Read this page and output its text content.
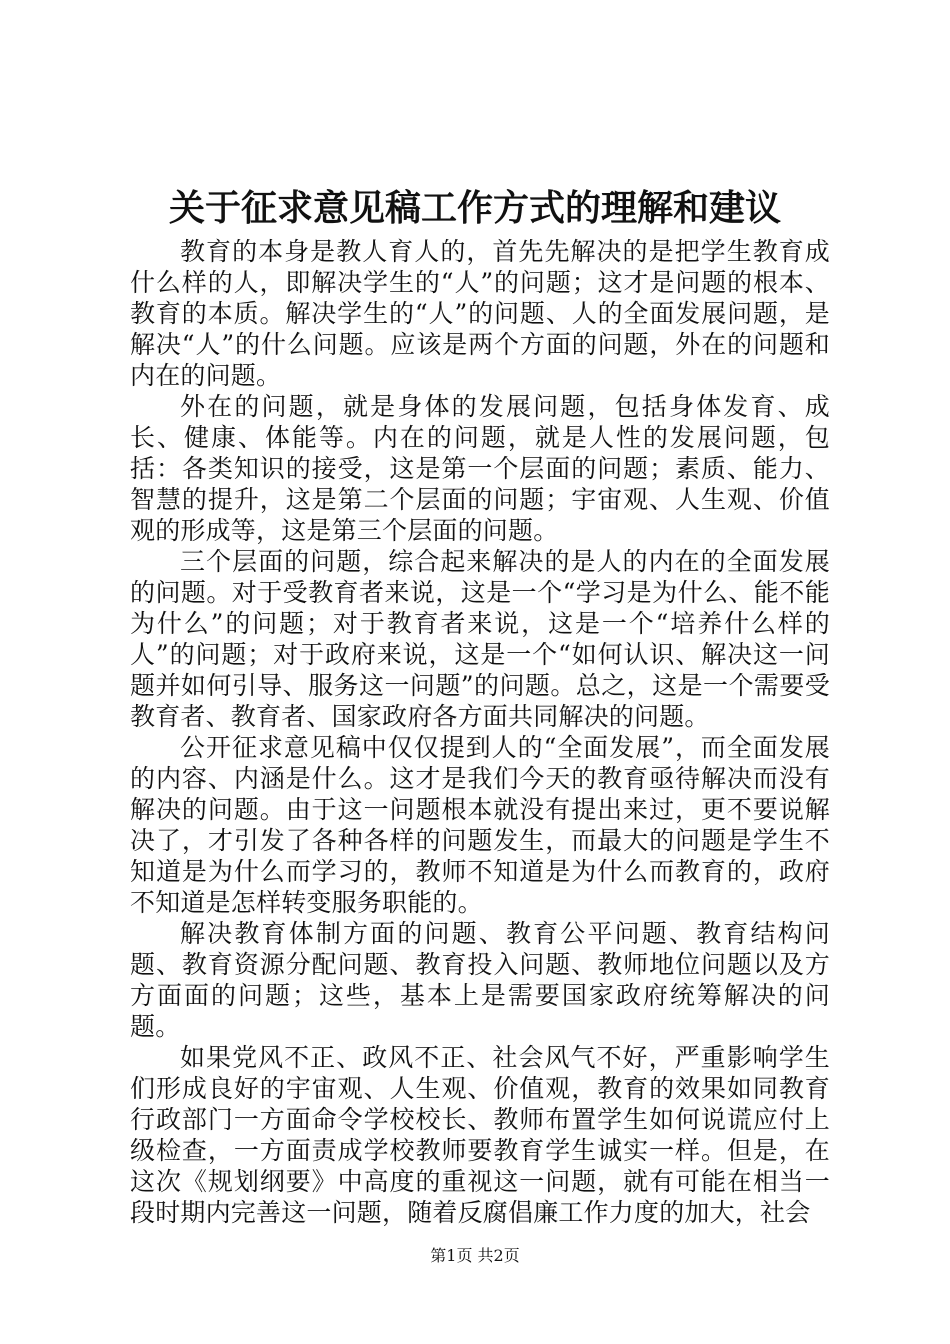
关于征求意见稿工作方式的理解和建议

教育的本身是教人育人的，首先先解决的是把学生教育成什么样的人，即解决学生的“人”的问题；这才是问题的根本、教育的本质。解决学生的“人”的问题、人的全面发展问题，是解决“人”的什么问题。应该是两个方面的问题，外在的问题和内在的问题。

外在的问题，就是身体的发展问题，包括身体发育、成长、健康、体能等。内在的问题，就是人性的发展问题，包括：各类知识的接受，这是第一个层面的问题；素质、能力、智慧的提升，这是第二个层面的问题；宇宙观、人生观、价值观的形成等，这是第三个层面的问题。

三个层面的问题，综合起来解决的是人的内在的全面发展的问题。对于受教育者来说，这是一个“学习是为什么、能不能为什么”的问题；对于教育者来说，这是一个“培养什么样的人”的问题；对于政府来说，这是一个“如何认识、解决这一问题并如何引导、服务这一问题”的问题。总之，这是一个需要受教育者、教育者、国家政府各方面共同解决的问题。

公开征求意见稿中仅仅提到人的“全面发展”，而全面发展的内容、内涵是什么。这才是我们今天的教育亟待解决而没有解决的问题。由于这一问题根本就没有提出来过，更不要说解决了，才引发了各种各样的问题发生，而最大的问题是学生不知道是为什么而学习的，教师不知道是为什么而教育的，政府不知道是怎样转变服务职能的。

解决教育体制方面的问题、教育公平问题、教育结构问题、教育资源分配问题、教育投入问题、教师地位问题以及方方面面的问题；这些，基本上是需要国家政府统筹解决的问题。

如果党风不正、政风不正、社会风气不好，严重影响学生们形成良好的宇宙观、人生观、价值观，教育的效果如同教育行政部门一方面命令学校校长、教师布置学生如何说谎应付上级检查，一方面责成学校教师要教育学生诚实一样。但是，在这次《规划纲要》中高度的重视这一问题，就有可能在相当一段时期内完善这一问题，随着反腐倡廉工作力度的加大，社会

第1页 共2页
